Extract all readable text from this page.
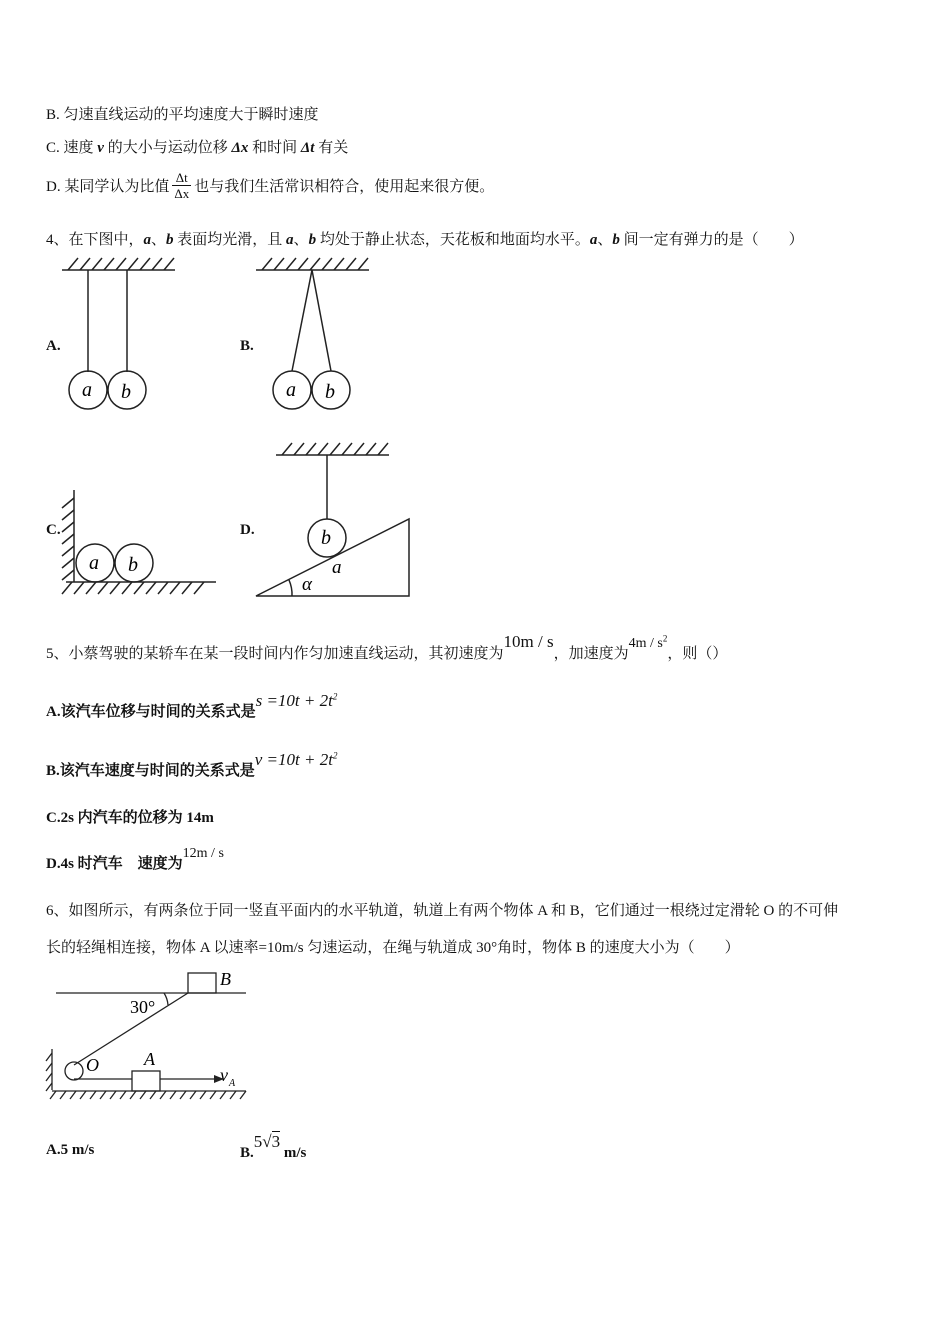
B. 匀速直线运动的平均速度大于瞬时速度
C. 速度 v 的大小与运动位移 Δx 和时间 Δt 有关
D. 某同学认为比值 $\frac{\Delta t}{\Delta x}$ 也与我们生活常识相符合，使用起来很方便。
4、在下图中，a、b 表面均光滑，且 a、b 均处于静止状态，天花板和地面均水平。a、b 间一定有弹力的是（　　）
A.	B.
C.	D.
a b	a b
a b
b
a
α
5、小蔡驾驶的某轿车在某一段时间内作匀加速直线运动，其初速度为10m / s，加速度为$4m / s^2$，则（）
A.该汽车位移与时间的关系式是$s =10t + 2t^2$
B.该汽车速度与时间的关系式是$v =10t + 2t^2$
C.2s 内汽车的位移为 14m
D.4s 时汽车　速度为12m / s
6、如图所示，有两条位于同一竖直平面内的水平轨道，轨道上有两个物体 A 和 B，它们通过一根绕过定滑轮 O 的不可伸
长的轻绳相连接，物体 A 以速率=10m/s 匀速运动，在绳与轨道成 30°角时，物体 B 的速度大小为（　　）
B
30°
O	A
v A
A.5 m/s	B.5√3 m/s
